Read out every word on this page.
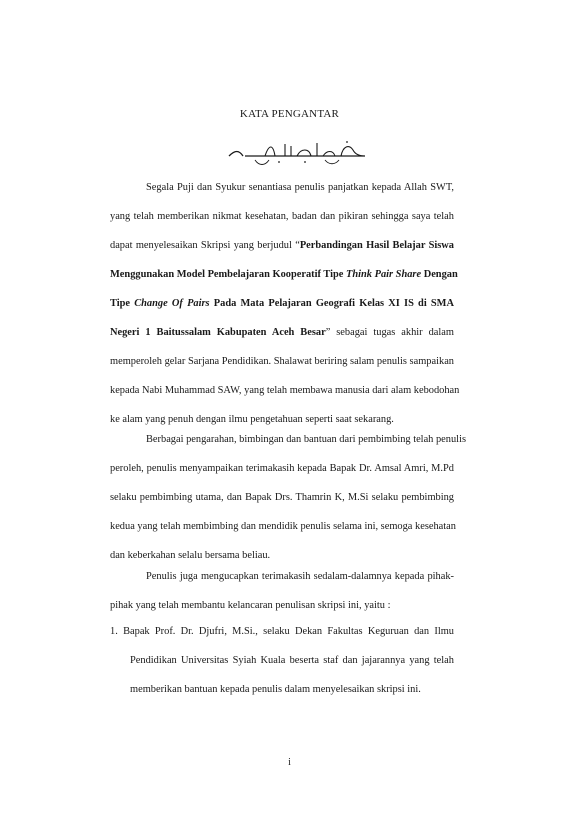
KATA PENGANTAR
Segala Puji dan Syukur senantiasa penulis panjatkan kepada Allah SWT,
yang telah memberikan nikmat kesehatan, badan dan pikiran sehingga saya telah
dapat menyelesaikan Skripsi yang berjudul “Perbandingan Hasil Belajar Siswa
Menggunakan Model Pembelajaran Kooperatif Tipe Think Pair Share Dengan
Tipe Change Of Pairs Pada Mata Pelajaran Geografi Kelas XI IS di SMA
Negeri 1 Baitussalam Kabupaten Aceh Besar” sebagai tugas akhir dalam
memperoleh gelar Sarjana Pendidikan. Shalawat beriring salam penulis sampaikan
kepada Nabi Muhammad SAW, yang telah membawa manusia dari alam kebodohan
ke alam yang penuh dengan ilmu pengetahuan seperti saat sekarang.
Berbagai pengarahan, bimbingan dan bantuan dari pembimbing telah penulis
peroleh, penulis menyampaikan terimakasih kepada Bapak Dr. Amsal Amri, M.Pd
selaku pembimbing utama, dan Bapak Drs. Thamrin K, M.Si selaku pembimbing
kedua yang telah membimbing dan mendidik penulis selama ini, semoga kesehatan
dan keberkahan selalu bersama beliau.
Penulis juga mengucapkan terimakasih sedalam-dalamnya kepada pihak-
pihak yang telah membantu kelancaran penulisan skripsi ini, yaitu :
1. Bapak Prof. Dr. Djufri, M.Si., selaku Dekan Fakultas Keguruan dan Ilmu
Pendidikan Universitas Syiah Kuala beserta staf dan jajarannya yang telah
memberikan bantuan kepada penulis dalam menyelesaikan skripsi ini.
i
